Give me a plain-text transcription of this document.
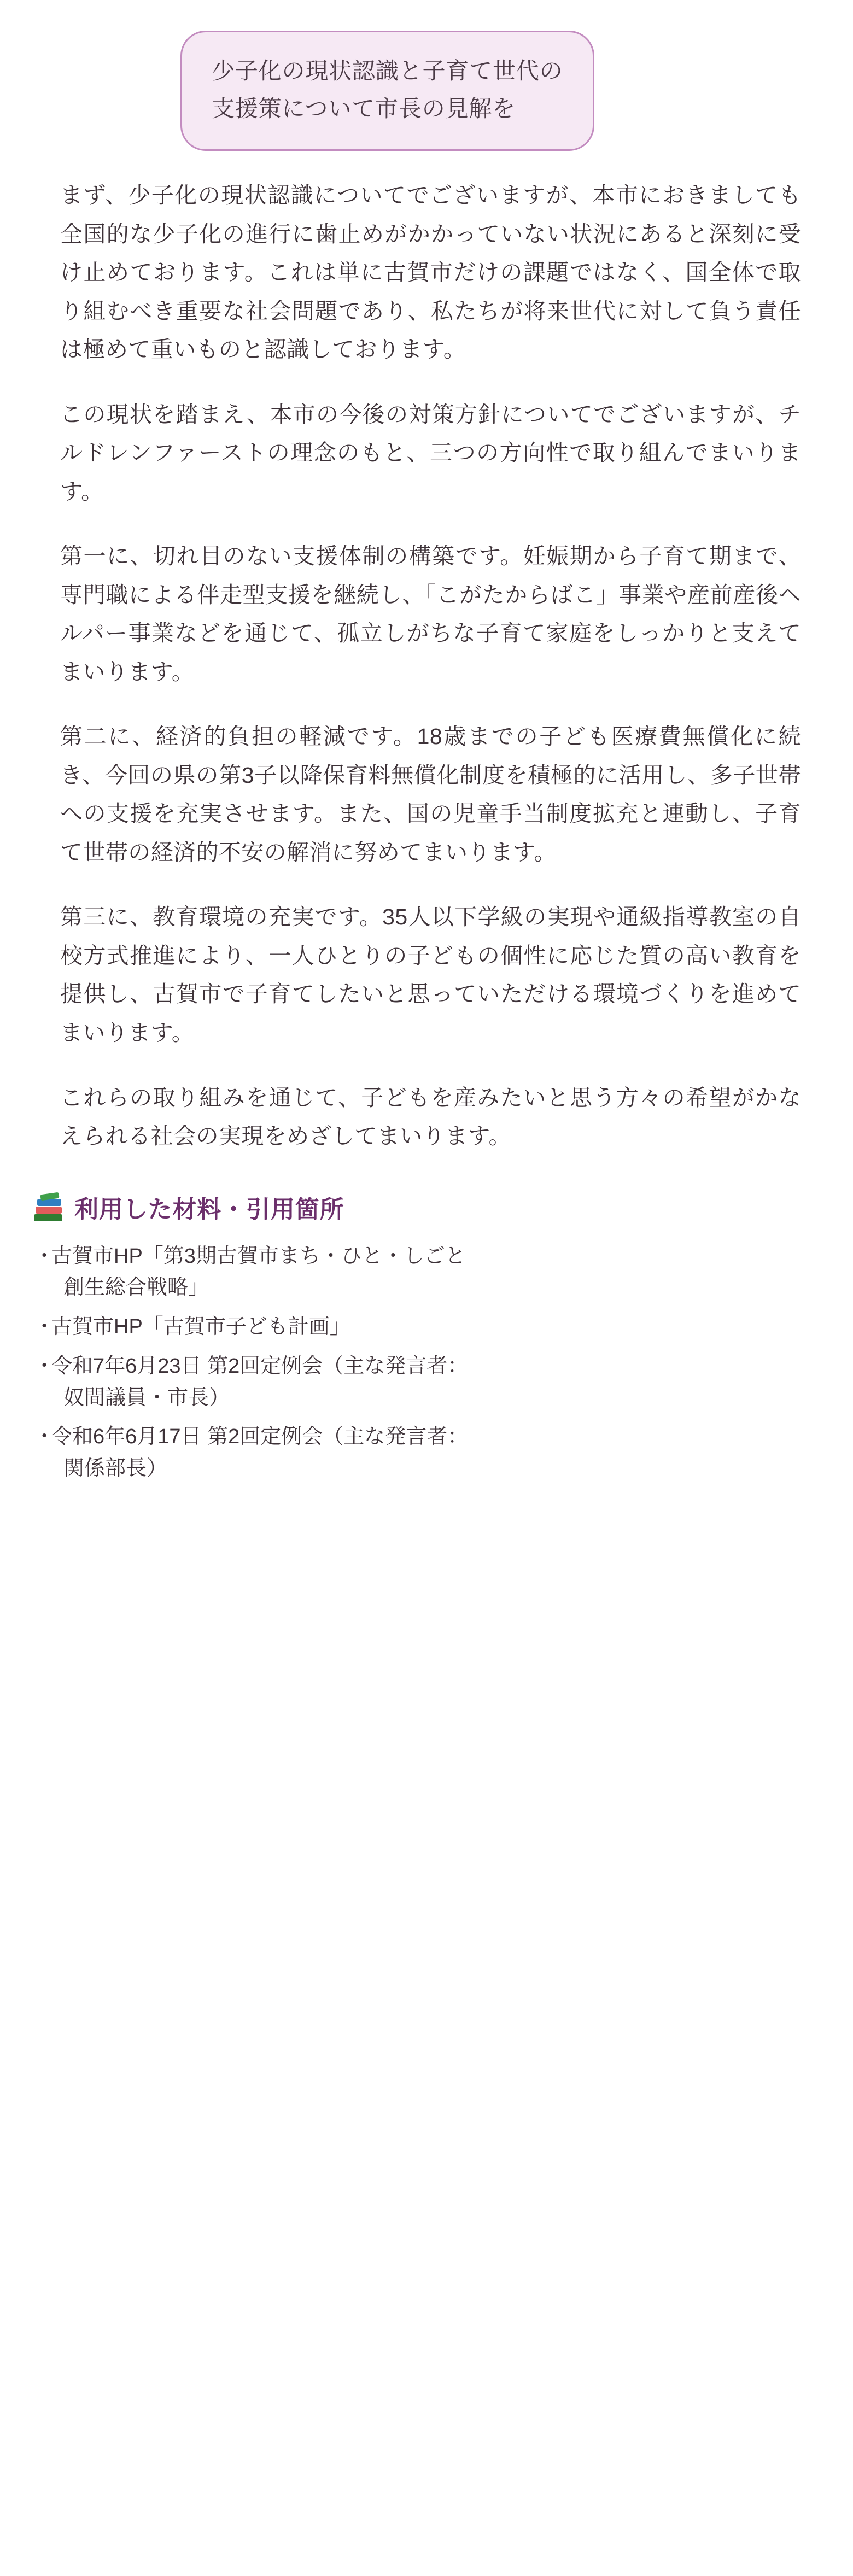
少子化の現状認識と子育て世代の

支援策について市長の見解を

まず、少子化の現状認識についてでございますが、本市におきましても全国的な少子化の進行に歯止めがかかっていない状況にあると深刻に受け止めております。これは単に古賀市だけの課題ではなく、国全体で取り組むべき重要な社会問題であり、私たちが将来世代に対して負う責任は極めて重いものと認識しております。

この現状を踏まえ、本市の今後の対策方針についてでございますが、チルドレンファーストの理念のもと、三つの方向性で取り組んでまいります。

第一に、切れ目のない支援体制の構築です。妊娠期から子育て期まで、専門職による伴走型支援を継続し、「こがたからばこ」事業や産前産後ヘルパー事業などを通じて、孤立しがちな子育て家庭をしっかりと支えてまいります。

第二に、経済的負担の軽減です。18歳までの子ども医療費無償化に続き、今回の県の第3子以降保育料無償化制度を積極的に活用し、多子世帯への支援を充実させます。また、国の児童手当制度拡充と連動し、子育て世帯の経済的不安の解消に努めてまいります。

第三に、教育環境の充実です。35人以下学級の実現や通級指導教室の自校方式推進により、一人ひとりの子どもの個性に応じた質の高い教育を提供し、古賀市で子育てしたいと思っていただける環境づくりを進めてまいります。

これらの取り組みを通じて、子どもを産みたいと思う方々の希望がかなえられる社会の実現をめざしてまいります。

利用した材料・引用箇所
・
古賀市HP「第3期古賀市まち・ひと・しごと
創生総合戦略」
・
古賀市HP「古賀市子ども計画」
・
令和7年6月23日 第2回定例会（主な発言者：
奴間議員・市長）
・
令和6年6月17日 第2回定例会（主な発言者：
関係部長）
